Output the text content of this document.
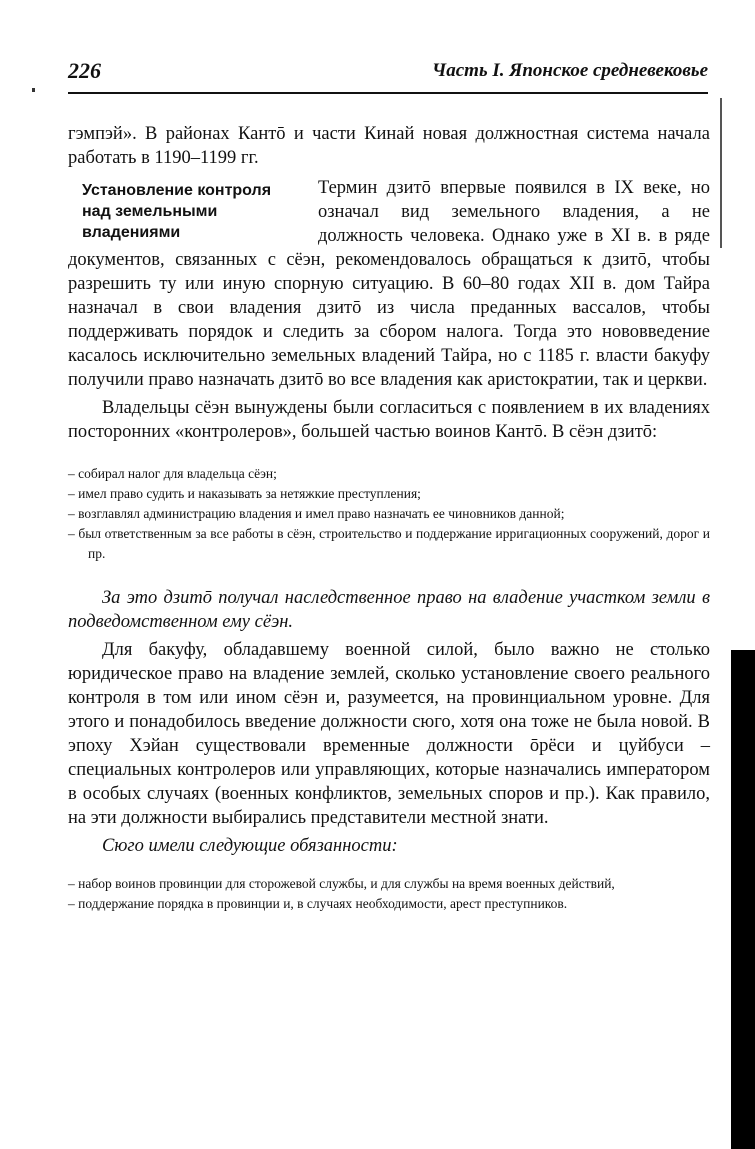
226	Часть I. Японское средневековье

гэмпэй». В районах Кантō и части Кинай новая должностная система начала работать в 1190–1199 гг.

Установление контроля над земельными владениями

Термин дзитō впервые появился в IX веке, но означал вид земельного владения, а не должность человека. Однако уже в XI в. в ряде документов, связанных с сёэн, рекомендовалось обращаться к дзитō, чтобы разрешить ту или иную спорную ситуацию. В 60–80 годах XII в. дом Тайра назначал в свои владения дзитō из числа преданных вассалов, чтобы поддерживать порядок и следить за сбором налога. Тогда это нововведение касалось исключительно земельных владений Тайра, но с 1185 г. власти бакуфу получили право назначать дзитō во все владения как аристократии, так и церкви.

Владельцы сёэн вынуждены были согласиться с появлением в их владениях посторонних «контролеров», большей частью воинов Кантō. В сёэн дзитō:

– собирал налог для владельца сёэн;
– имел право судить и наказывать за нетяжкие преступления;
– возглавлял администрацию владения и имел право назначать ее чиновников данной;
– был ответственным за все работы в сёэн, строительство и поддержание ирригационных сооружений, дорог и пр.

За это дзитō получал наследственное право на владение участком земли в подведомственном ему сёэн.

Для бакуфу, обладавшему военной силой, было важно не столько юридическое право на владение землей, сколько установление своего реального контроля в том или ином сёэн и, разумеется, на провинциальном уровне. Для этого и понадобилось введение должности сюго, хотя она тоже не была новой. В эпоху Хэйан существовали временные должности ōрёси и цуйбуси – специальных контролеров или управляющих, которые назначались императором в особых случаях (военных конфликтов, земельных споров и пр.). Как правило, на эти должности выбирались представители местной знати.

Сюго имели следующие обязанности:

– набор воинов провинции для сторожевой службы, и для службы на время военных действий,
– поддержание порядка в провинции и, в случаях необходимости, арест преступников.
